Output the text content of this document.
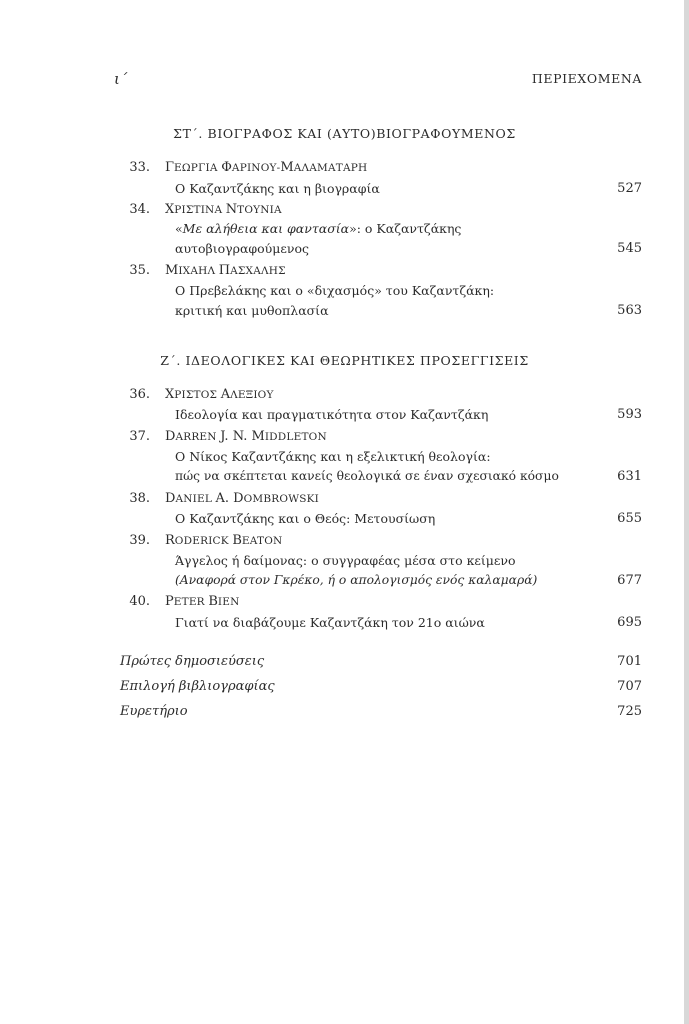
ι΄	ΠΕΡΙΕΧΟΜΕΝΑ
ΣΤ΄. ΒΙΟΓΡΑΦΟΣ ΚΑΙ (ΑΥΤΟ)ΒΙΟΓΡΑΦΟΥΜΕΝΟΣ
33. ΓΕΩΡΓΙΑ ΦΑΡΙΝΟΥ-ΜΑΛΑΜΑΤΑΡΗ
Ο Καζαντζάκης και η βιογραφία	527
34. ΧΡΙΣΤΙΝΑ ΝΤΟΥΝΙΑ
«Με αλήθεια και φαντασία»: ο Καζαντζάκης
αυτοβιογραφούμενος	545
35. ΜΙΧΑΗΛ ΠΑΣΧΑΛΗΣ
Ο Πρεβελάκης και ο «διχασμός» του Καζαντζάκη:
κριτική και μυθοπλασία	563
Ζ΄. ΙΔΕΟΛΟΓΙΚΕΣ ΚΑΙ ΘΕΩΡΗΤΙΚΕΣ ΠΡΟΣΕΓΓΙΣΕΙΣ
36. ΧΡΙΣΤΟΣ ΑΛΕΞΙΟΥ
Ιδεολογία και πραγματικότητα στον Καζαντζάκη	593
37. DARREN J. N. MIDDLETON
Ο Νίκος Καζαντζάκης και η εξελικτική θεολογία:
πώς να σκέπτεται κανείς θεολογικά σε έναν σχεσιακό κόσμο	631
38. DANIEL A. DOMBROWSKI
Ο Καζαντζάκης και ο Θεός: Μετουσίωση	655
39. RODERICK BEATON
Άγγελος ή δαίμονας: ο συγγραφέας μέσα στο κείμενο
(Αναφορά στον Γκρέκο, ή ο απολογισμός ενός καλαμαρά)	677
40. PETER BIEN
Γιατί να διαβάζουμε Καζαντζάκη τον 21ο αιώνα	695
Πρώτες δημοσιεύσεις	701
Επιλογή βιβλιογραφίας	707
Ευρετήριο	725
